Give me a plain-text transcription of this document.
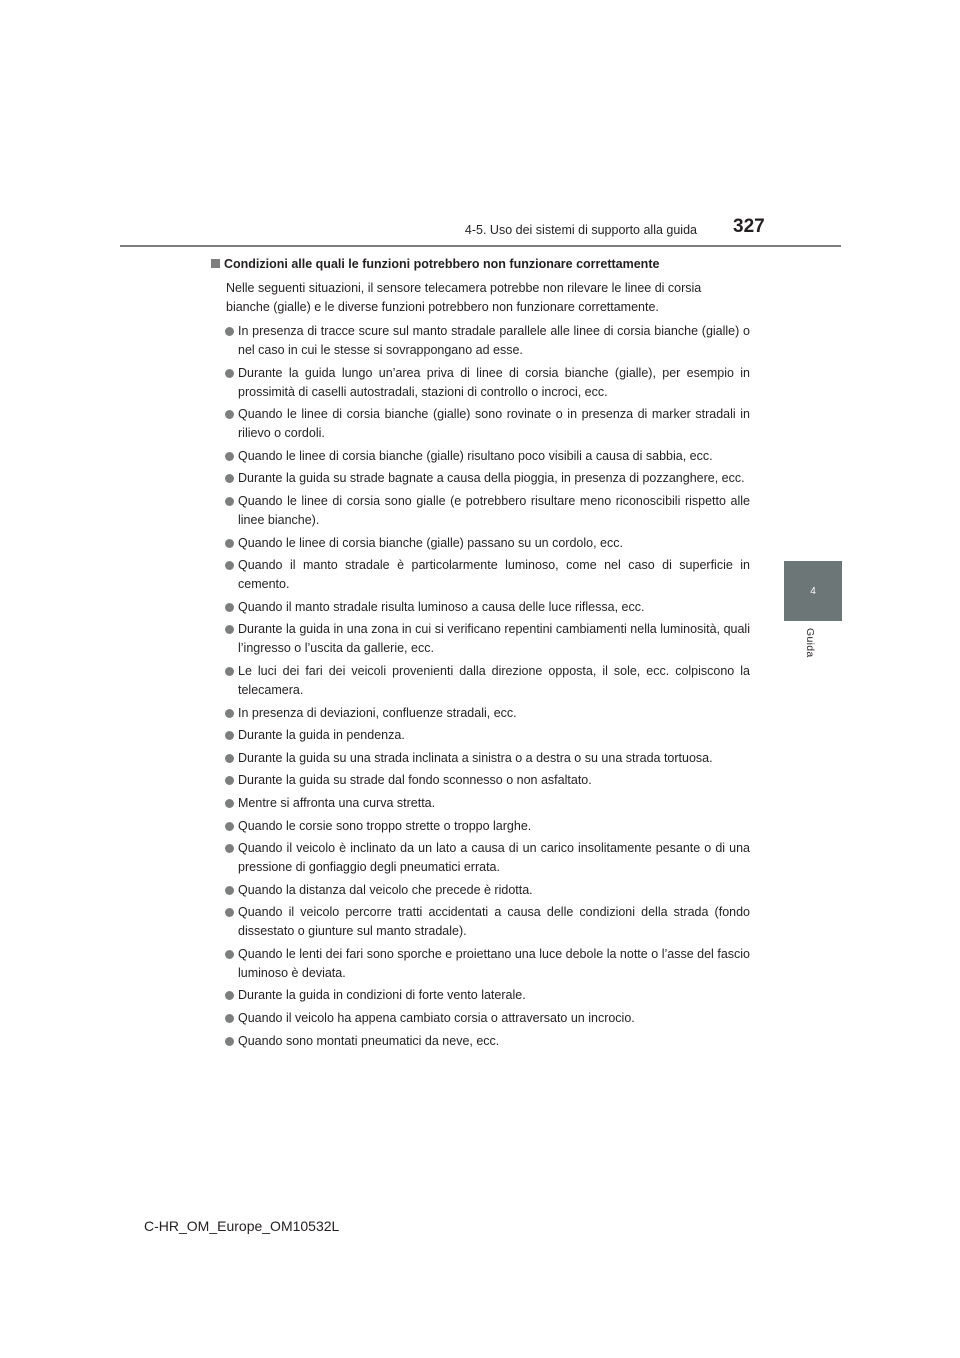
4-5. Uso dei sistemi di supporto alla guida 327
4
Guida
Condizioni alle quali le funzioni potrebbero non funzionare correttamente
Nelle seguenti situazioni, il sensore telecamera potrebbe non rilevare le linee di corsia
bianche (gialle) e le diverse funzioni potrebbero non funzionare correttamente.
In presenza di tracce scure sul manto stradale parallele alle linee di corsia bianche (gialle) o nel caso in cui le stesse si sovrappongano ad esse.
Durante la guida lungo un’area priva di linee di corsia bianche (gialle), per esempio in prossimità di caselli autostradali, stazioni di controllo o incroci, ecc.
Quando le linee di corsia bianche (gialle) sono rovinate o in presenza di marker stradali in rilievo o cordoli.
Quando le linee di corsia bianche (gialle) risultano poco visibili a causa di sabbia, ecc.
Durante la guida su strade bagnate a causa della pioggia, in presenza di pozzanghere, ecc.
Quando le linee di corsia sono gialle (e potrebbero risultare meno riconoscibili rispetto alle linee bianche).
Quando le linee di corsia bianche (gialle) passano su un cordolo, ecc.
Quando il manto stradale è particolarmente luminoso, come nel caso di superficie in cemento.
Quando il manto stradale risulta luminoso a causa delle luce riflessa, ecc.
Durante la guida in una zona in cui si verificano repentini cambiamenti nella luminosità, quali l’ingresso o l’uscita da gallerie, ecc.
Le luci dei fari dei veicoli provenienti dalla direzione opposta, il sole, ecc. colpiscono la telecamera.
In presenza di deviazioni, confluenze stradali, ecc.
Durante la guida in pendenza.
Durante la guida su una strada inclinata a sinistra o a destra o su una strada tortuosa.
Durante la guida su strade dal fondo sconnesso o non asfaltato.
Mentre si affronta una curva stretta.
Quando le corsie sono troppo strette o troppo larghe.
Quando il veicolo è inclinato da un lato a causa di un carico insolitamente pesante o di una pressione di gonfiaggio degli pneumatici errata.
Quando la distanza dal veicolo che precede è ridotta.
Quando il veicolo percorre tratti accidentati a causa delle condizioni della strada (fondo dissestato o giunture sul manto stradale).
Quando le lenti dei fari sono sporche e proiettano una luce debole la notte o l’asse del fascio luminoso è deviata.
Durante la guida in condizioni di forte vento laterale.
Quando il veicolo ha appena cambiato corsia o attraversato un incrocio.
Quando sono montati pneumatici da neve, ecc.
C-HR_OM_Europe_OM10532L
